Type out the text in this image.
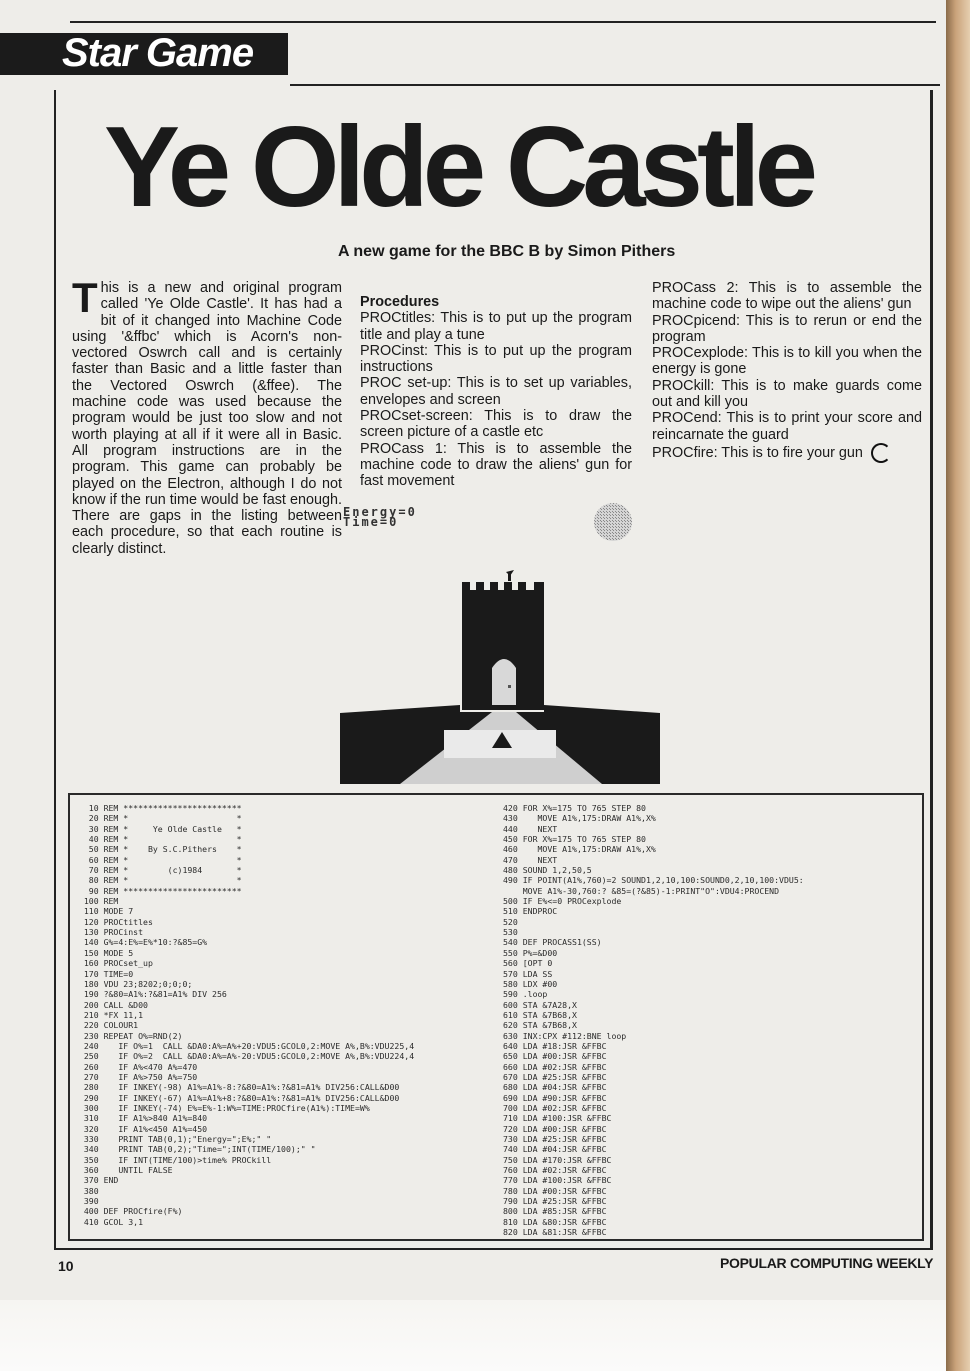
Star Game
Ye Olde Castle
A new game for the BBC B by Simon Pithers

This is a new and original program called 'Ye Olde Castle'. It has had a bit of it changed into Machine Code using '&ffbc' which is Acorn's non-vectored Oswrch call and is certainly faster than Basic and a little faster than the Vectored Oswrch (&ffee). The machine code was used because the program would be just too slow and not worth playing at all if it were all in Basic. All program instructions are in the program. This game can probably be played on the Electron, although I do not know if the run time would be fast enough. There are gaps in the listing between each procedure, so that each routine is clearly distinct.

Procedures

PROCtitles: This is to put up the program title and play a tune

PROCinst: This is to put up the program instructions

PROC set-up: This is to set up variables, envelopes and screen

PROCset-screen: This is to draw the screen picture of a castle etc

PROCass 1: This is to assemble the machine code to draw the aliens' gun for fast movement

PROCass 2: This is to assemble the machine code to wipe out the aliens' gun

PROCpicend: This is to rerun or end the program

PROCexplode: This is to kill you when the energy is gone

PROCkill: This is to make guards come out and kill you

PROCend: This is to print your score and reincarnate the guard

PROCfire: This is to fire your gun

Energy=0
Time=0
10 REM ************************
20 REM *                      *
30 REM *     Ye Olde Castle   *
40 REM *                      *
50 REM *    By S.C.Pithers    *
60 REM *                      *
70 REM *        (c)1984       *
80 REM *                      *
90 REM ************************
100 REM
110 MODE 7
120 PROCtitles
130 PROCinst
140 G%=4:E%=E%*10:?&85=G%
150 MODE 5
160 PROCset_up
170 TIME=0
180 VDU 23;8202;0;0;0;
190 ?&80=A1%:?&81=A1% DIV 256
200 CALL &D00
210 *FX 11,1
220 COLOUR1
230 REPEAT O%=RND(2)
240    IF O%=1  CALL &DA0:A%=A%+20:VDU5:GCOL0,2:MOVE A%,B%:VDU225,4
250    IF O%=2  CALL &DA0:A%=A%-20:VDU5:GCOL0,2:MOVE A%,B%:VDU224,4
260    IF A%<470 A%=470
270    IF A%>750 A%=750
280    IF INKEY(-98) A1%=A1%-8:?&80=A1%:?&81=A1% DIV256:CALL&D00
290    IF INKEY(-67) A1%=A1%+8:?&80=A1%:?&81=A1% DIV256:CALL&D00
300    IF INKEY(-74) E%=E%-1:W%=TIME:PROCfire(A1%):TIME=W%
310    IF A1%>840 A1%=840
320    IF A1%<450 A1%=450
330    PRINT TAB(0,1);"Energy=";E%;" "
340    PRINT TAB(0,2);"Time=";INT(TIME/100);" "
350    IF INT(TIME/100)>time% PROCkill
360    UNTIL FALSE
370 END
380
390
400 DEF PROCfire(F%)
410 GCOL 3,1
420 FOR X%=175 TO 765 STEP 80
430    MOVE A1%,175:DRAW A1%,X%
440    NEXT
450 FOR X%=175 TO 765 STEP 80
460    MOVE A1%,175:DRAW A1%,X%
470    NEXT
480 SOUND 1,2,50,5
490 IF POINT(A1%,760)=2 SOUND1,2,10,100:SOUND0,2,10,100:VDU5:
MOVE A1%-30,760:? &85=(?&85)-1:PRINT"O":VDU4:PROCEND
500 IF E%<=0 PROCexplode
510 ENDPROC
520
530
540 DEF PROCASS1(SS)
550 P%=&D00
560 [OPT 0
570 LDA SS
580 LDX #00
590 .loop
600 STA &7A28,X
610 STA &7B68,X
620 STA &7B68,X
630 INX:CPX #112:BNE loop
640 LDA #18:JSR &FFBC
650 LDA #00:JSR &FFBC
660 LDA #02:JSR &FFBC
670 LDA #25:JSR &FFBC
680 LDA #04:JSR &FFBC
690 LDA #90:JSR &FFBC
700 LDA #02:JSR &FFBC
710 LDA #100:JSR &FFBC
720 LDA #00:JSR &FFBC
730 LDA #25:JSR &FFBC
740 LDA #04:JSR &FFBC
750 LDA #170:JSR &FFBC
760 LDA #02:JSR &FFBC
770 LDA #100:JSR &FFBC
780 LDA #00:JSR &FFBC
790 LDA #25:JSR &FFBC
800 LDA #85:JSR &FFBC
810 LDA &80:JSR &FFBC
820 LDA &81:JSR &FFBC
10	POPULAR COMPUTING WEEKLY
